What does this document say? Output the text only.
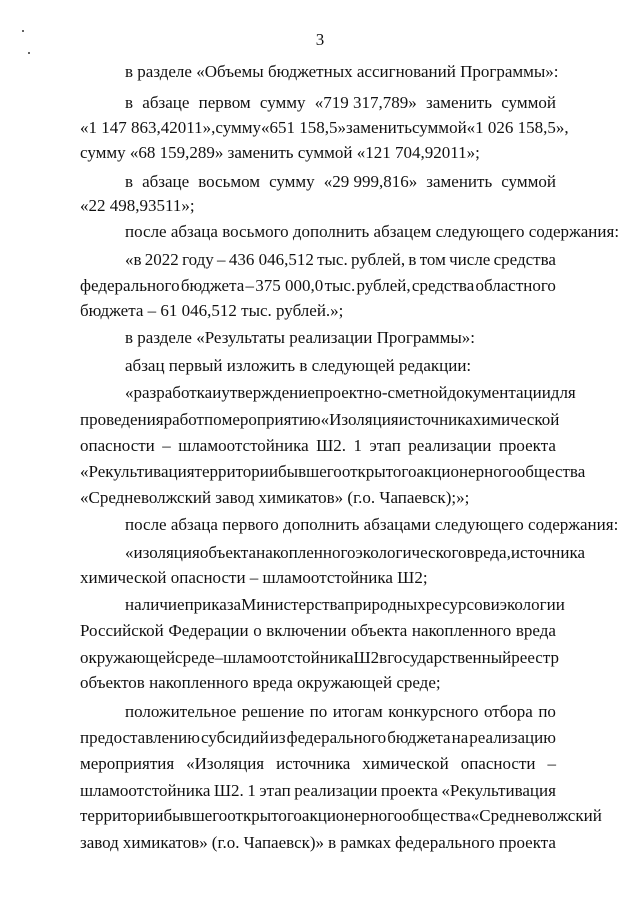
3
в разделе «Объемы бюджетных ассигнований Программы»:
в абзаце первом сумму «719 317,789» заменить суммой
«1 147 863,42011», сумму «651 158,5» заменить суммой «1 026 158,5»,
сумму «68 159,289» заменить суммой «121 704,92011»;
в абзаце восьмом сумму «29 999,816» заменить суммой
«22 498,93511»;
после абзаца восьмого дополнить абзацем следующего содержания:
«в 2022 году – 436 046,512 тыс. рублей, в том числе средства
федерального бюджета – 375 000,0 тыс. рублей, средства областного
бюджета – 61 046,512 тыс. рублей.»;
в разделе «Результаты реализации Программы»:
абзац первый изложить в следующей редакции:
«разработка и утверждение проектно-сметной документации для
проведения работ по мероприятию «Изоляция источника химической
опасности – шламоотстойника Ш2. 1 этап реализации проекта
«Рекультивация территории бывшего открытого акционерного общества
«Средневолжский завод химикатов» (г.о. Чапаевск);»;
после абзаца первого дополнить абзацами следующего содержания:
«изоляция объекта накопленного экологического вреда, источника
химической опасности – шламоотстойника Ш2;
наличие приказа Министерства природных ресурсов и экологии
Российской Федерации о включении объекта накопленного вреда
окружающей среде – шламоотстойника Ш2 в государственный реестр
объектов накопленного вреда окружающей среде;
положительное решение по итогам конкурсного отбора по
предоставлению субсидий из федерального бюджета на реализацию
мероприятия «Изоляция источника химической опасности –
шламоотстойника Ш2. 1 этап реализации проекта «Рекультивация
территории бывшего открытого акционерного общества «Средневолжский
завод химикатов» (г.о. Чапаевск)» в рамках федерального проекта
